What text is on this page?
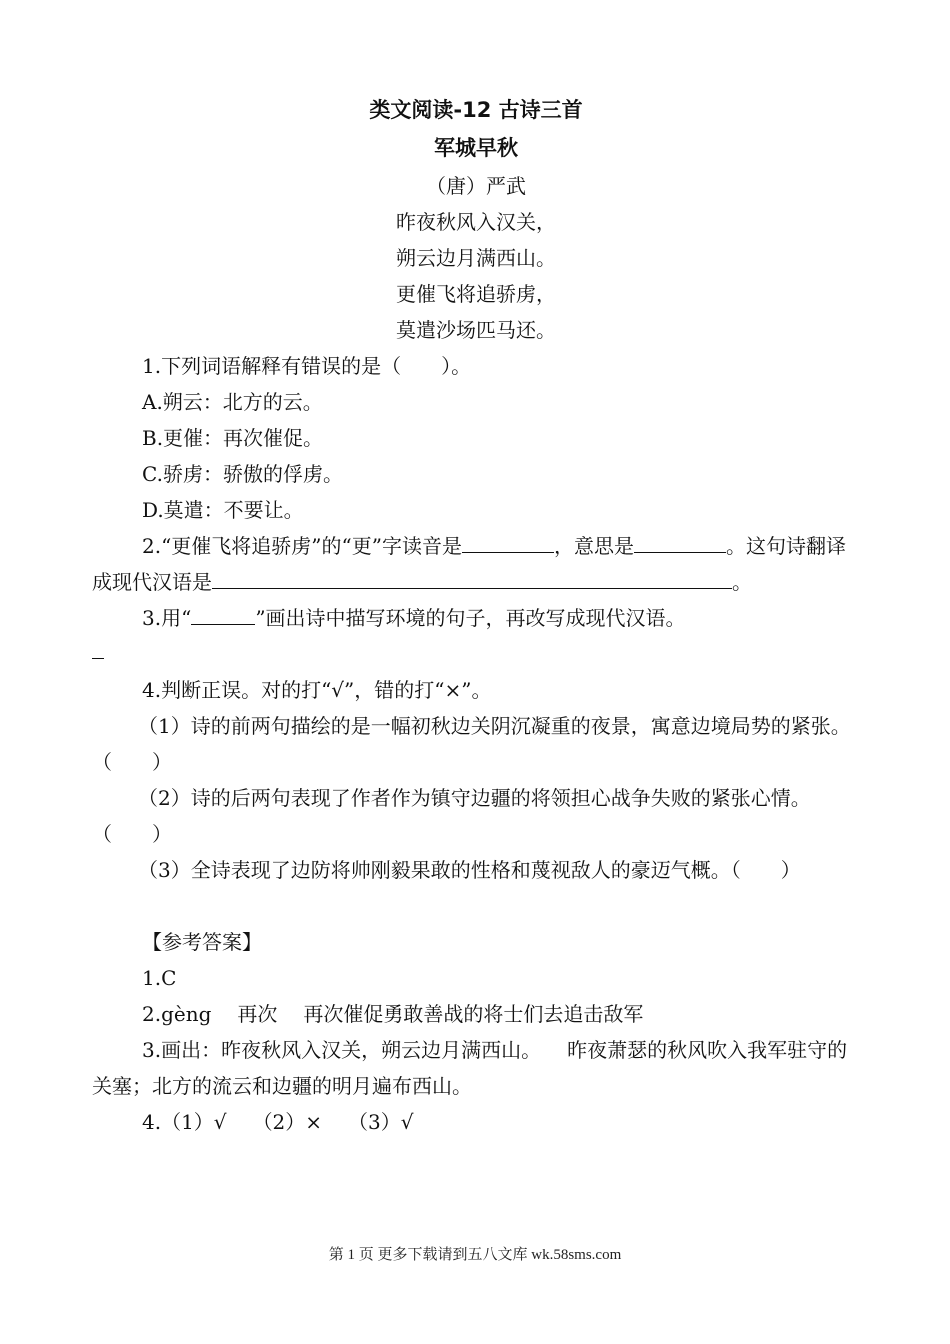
类文阅读-12 古诗三首
军城早秋
（唐）严武
昨夜秋风入汉关，
朔云边月满西山。
更催飞将追骄虏，
莫遣沙场匹马还。

1.下列词语解释有错误的是（　　）。

A.朔云：北方的云。

B.更催：再次催促。

C.骄虏：骄傲的俘虏。

D.莫遣：不要让。

2.“更催飞将追骄虏”的“更”字读音是	，意思是	。这句诗翻译成现代汉语是	。

3.用“	”画出诗中描写环境的句子，再改写成现代汉语。

4.判断正误。对的打“√”，错的打“×”。

（1）诗的前两句描绘的是一幅初秋边关阴沉凝重的夜景，寓意边境局势的紧张。（　　）

（2）诗的后两句表现了作者作为镇守边疆的将领担心战争失败的紧张心情。（　　）

（3）全诗表现了边防将帅刚毅果敢的性格和蔑视敌人的豪迈气概。（　　）

【参考答案】

1.C

2.gèng 再次 再次催促勇敢善战的将士们去追击敌军

3.画出：昨夜秋风入汉关，朔云边月满西山。 昨夜萧瑟的秋风吹入我军驻守的关塞；北方的流云和边疆的明月遍布西山。

4.（1）√ （2）× （3）√

第 1 页 更多下载请到五八文库 wk.58sms.com
